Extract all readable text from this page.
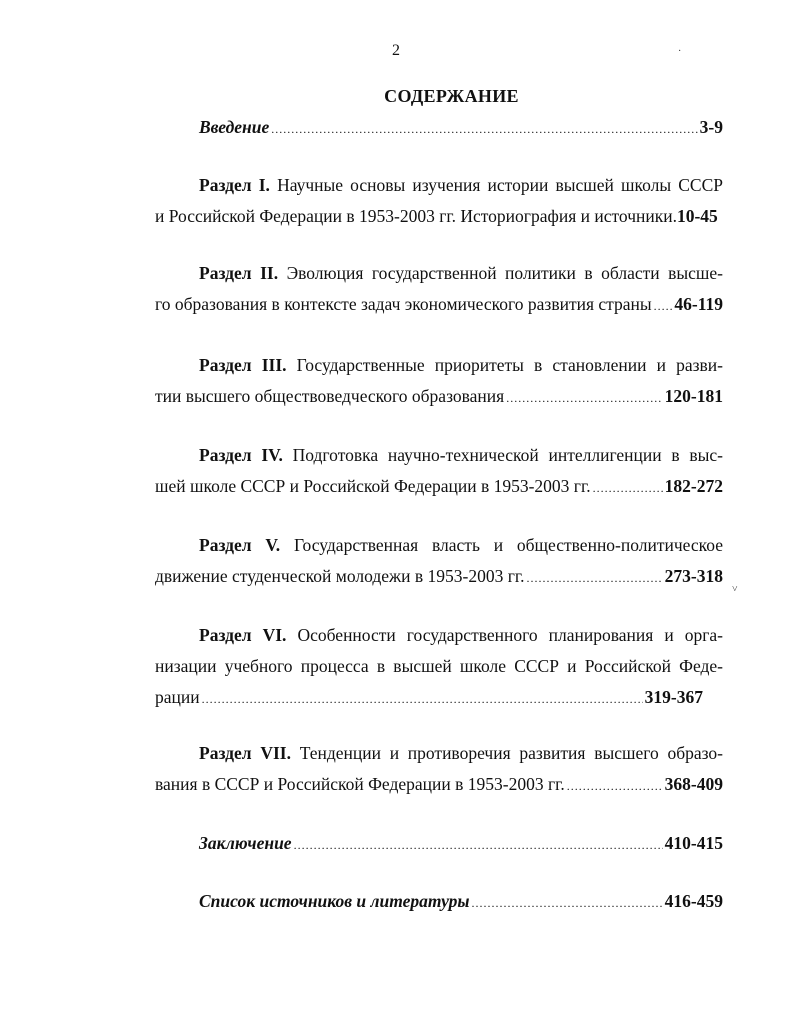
2	·
˅
СОДЕРЖАНИЕ
Введение .....	3-9
Раздел I. Научные основы изучения истории высшей школы СССР
и Российской Федерации в 1953-2003 гг. Историография и источники. 10-45
Раздел II. Эволюция государственной политики в области высше-
го образования в контексте задач экономического развития страны ..... 46-119
Раздел III. Государственные приоритеты в становлении и разви-
тии высшего обществоведческого образования .....	120-181
Раздел IV. Подготовка научно-технической интеллигенции в выс-
шей школе СССР и Российской Федерации в 1953-2003 гг. .....	182-272
Раздел V. Государственная власть и общественно-политическое
движение студенческой молодежи в 1953-2003 гг. .....	273-318
Раздел VI. Особенности государственного планирования и орга-
низации учебного процесса в высшей школе СССР и Российской Феде-
рации .....	319-367
Раздел VII. Тенденции и противоречия развития высшего образо-
вания в СССР и Российской Федерации в 1953-2003 гг. .....	368-409
Заключение .....	410-415
Список источников и литературы .....	416-459
